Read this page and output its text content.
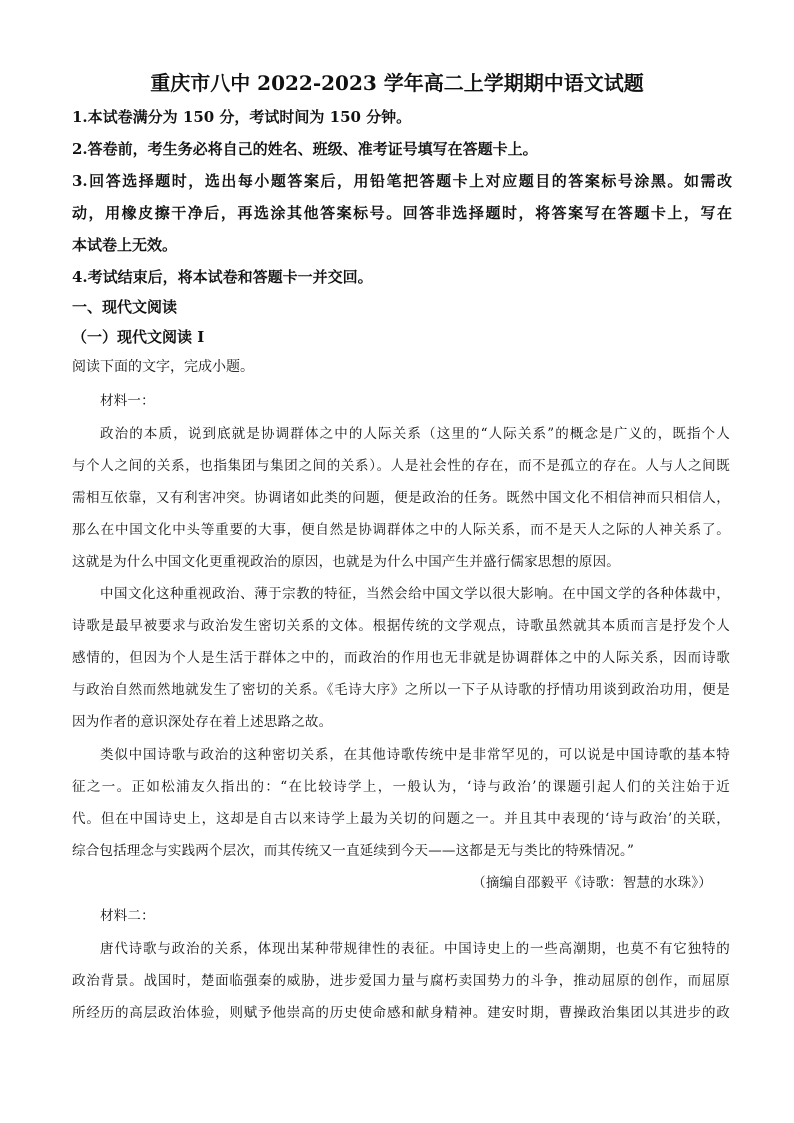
重庆市八中 2022-2023 学年高二上学期期中语文试题
1.本试卷满分为 150 分，考试时间为 150 分钟。
2.答卷前，考生务必将自己的姓名、班级、准考证号填写在答题卡上。
3.回答选择题时，选出每小题答案后，用铅笔把答题卡上对应题目的答案标号涂黑。如需改
动，用橡皮擦干净后，再选涂其他答案标号。回答非选择题时，将答案写在答题卡上，写在
本试卷上无效。
4.考试结束后，将本试卷和答题卡一并交回。
一、现代文阅读
（一）现代文阅读 I
阅读下面的文字，完成小题。
材料一：
政治的本质，说到底就是协调群体之中的人际关系（这里的“人际关系”的概念是广义的，既指个人
与个人之间的关系，也指集团与集团之间的关系）。人是社会性的存在，而不是孤立的存在。人与人之间既
需相互依靠，又有利害冲突。协调诸如此类的问题，便是政治的任务。既然中国文化不相信神而只相信人，
那么在中国文化中头等重要的大事，便自然是协调群体之中的人际关系，而不是天人之际的人神关系了。
这就是为什么中国文化更重视政治的原因，也就是为什么中国产生并盛行儒家思想的原因。
中国文化这种重视政治、薄于宗教的特征，当然会给中国文学以很大影响。在中国文学的各种体裁中，
诗歌是最早被要求与政治发生密切关系的文体。根据传统的文学观点，诗歌虽然就其本质而言是抒发个人
感情的，但因为个人是生活于群体之中的，而政治的作用也无非就是协调群体之中的人际关系，因而诗歌
与政治自然而然地就发生了密切的关系。《毛诗大序》之所以一下子从诗歌的抒情功用谈到政治功用，便是
因为作者的意识深处存在着上述思路之故。
类似中国诗歌与政治的这种密切关系，在其他诗歌传统中是非常罕见的，可以说是中国诗歌的基本特
征之一。正如松浦友久指出的：“在比较诗学上，一般认为，‘诗与政治’的课题引起人们的关注始于近
代。但在中国诗史上，这却是自古以来诗学上最为关切的问题之一。并且其中表现的‘诗与政治’的关联，
综合包括理念与实践两个层次，而其传统又一直延续到今天——这都是无与类比的特殊情况。”
（摘编自邵毅平《诗歌：智慧的水珠》）
材料二：
唐代诗歌与政治的关系，体现出某种带规律性的表征。中国诗史上的一些高潮期，也莫不有它独特的
政治背景。战国时，楚面临强秦的威胁，进步爱国力量与腐朽卖国势力的斗争，推动屈原的创作，而屈原
所经历的高层政治体验，则赋予他崇高的历史使命感和献身精神。建安时期，曹操政治集团以其进步的政
